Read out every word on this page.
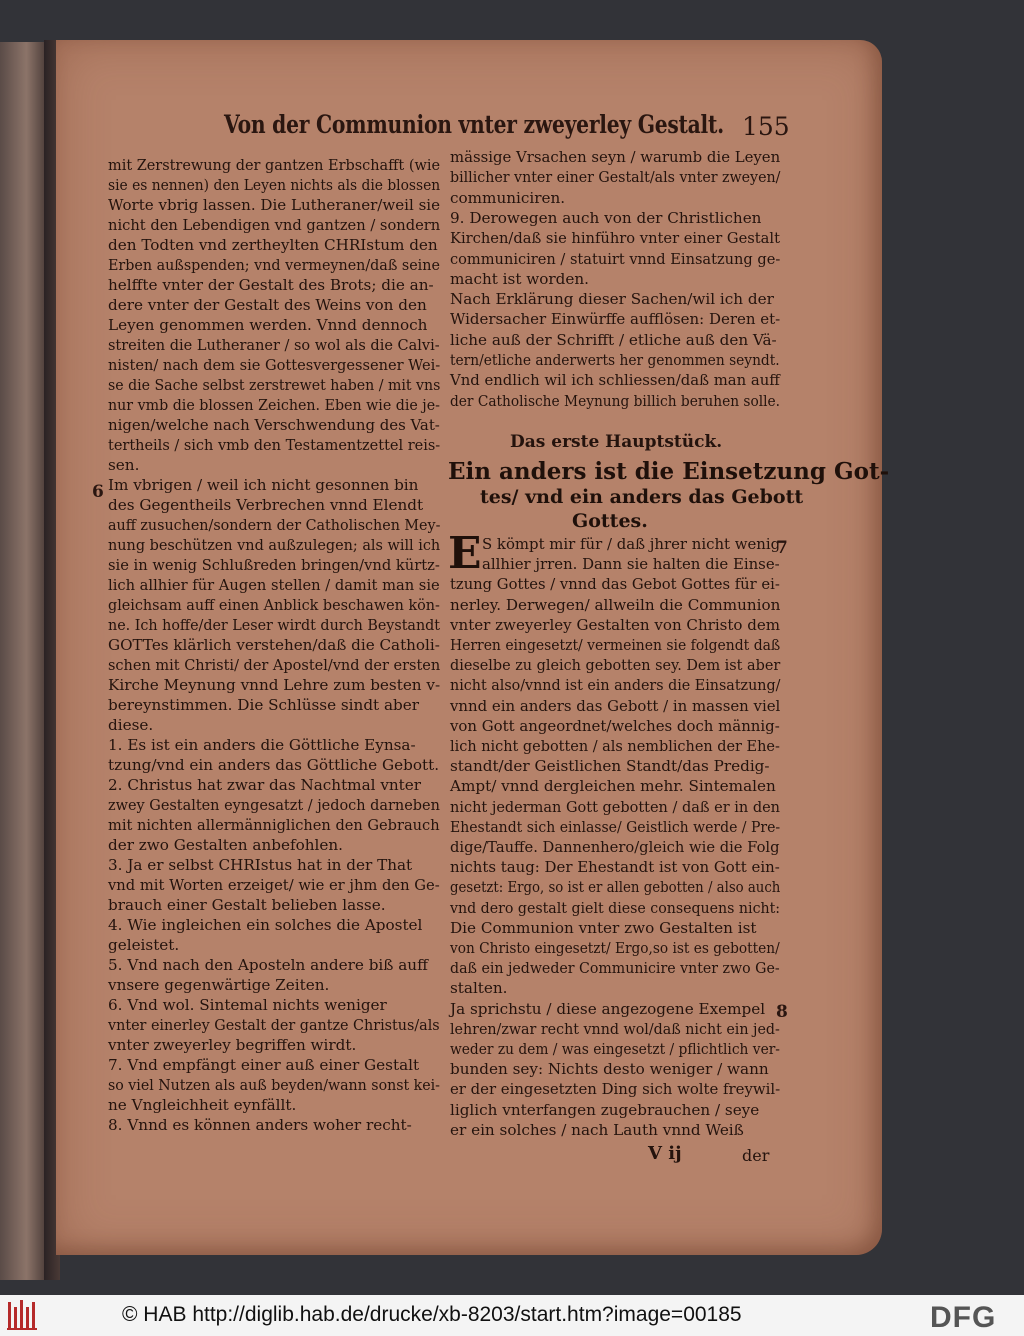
Von der Communion vnter zweyerley Gestalt. 155
mit Zerstrewung der gantzen Erbschafft (wie
sie es nennen) den Leyen nichts als die blossen
Worte vbrig lassen. Die Lutheraner/weil sie
nicht den Lebendigen vnd gantzen / sondern
den Todten vnd zertheylten CHRIstum den
Erben außspenden; vnd vermeynen/daß seine
helffte vnter der Gestalt des Brots; die an-
dere vnter der Gestalt des Weins von den
Leyen genommen werden. Vnnd dennoch
streiten die Lutheraner / so wol als die Calvi-
nisten/ nach dem sie Gottesvergessener Wei-
se die Sache selbst zerstrewet haben / mit vns
nur vmb die blossen Zeichen. Eben wie die je-
nigen/welche nach Verschwendung des Vat-
tertheils / sich vmb den Testamentzettel reis-
sen.
Im vbrigen / weil ich nicht gesonnen bin
des Gegentheils Verbrechen vnnd Elendt
auff zusuchen/sondern der Catholischen Mey-
nung beschützen vnd außzulegen; als will ich
sie in wenig Schlußreden bringen/vnd kürtz-
lich allhier für Augen stellen / damit man sie
gleichsam auff einen Anblick beschawen kön-
ne. Ich hoffe/der Leser wirdt durch Beystandt
GOTTes klärlich verstehen/daß die Catholi-
schen mit Christi/ der Apostel/vnd der ersten
Kirche Meynung vnnd Lehre zum besten v-
bereynstimmen. Die Schlüsse sindt aber
diese.
1. Es ist ein anders die Göttliche Eynsa-
tzung/vnd ein anders das Göttliche Gebott.
2. Christus hat zwar das Nachtmal vnter
zwey Gestalten eyngesatzt / jedoch darneben
mit nichten allermänniglichen den Gebrauch
der zwo Gestalten anbefohlen.
3. Ja er selbst CHRIstus hat in der That
vnd mit Worten erzeiget/ wie er jhm den Ge-
brauch einer Gestalt belieben lasse.
4. Wie ingleichen ein solches die Apostel
geleistet.
5. Vnd nach den Aposteln andere biß auff
vnsere gegenwärtige Zeiten.
6. Vnd wol. Sintemal nichts weniger
vnter einerley Gestalt der gantze Christus/als
vnter zweyerley begriffen wirdt.
7. Vnd empfängt einer auß einer Gestalt
so viel Nutzen als auß beyden/wann sonst kei-
ne Vngleichheit eynfällt.
8. Vnnd es können anders woher recht-
mässige Vrsachen seyn / warumb die Leyen
billicher vnter einer Gestalt/als vnter zweyen/
communiciren.
9. Derowegen auch von der Christlichen
Kirchen/daß sie hinführo vnter einer Gestalt
communiciren / statuirt vnnd Einsatzung ge-
macht ist worden.
Nach Erklärung dieser Sachen/wil ich der
Widersacher Einwürffe aufflösen: Deren et-
liche auß der Schrifft / etliche auß den Vä-
tern/etliche anderwerts her genommen seyndt.
Vnd endlich wil ich schliessen/daß man auff
der Catholische Meynung billich beruhen solle.
Das erste Hauptstück.
Ein anders ist die Einsetzung Got-
tes/ vnd ein anders das Gebott
Gottes.
E S kömpt mir für / daß jhrer nicht wenig
allhier jrren. Dann sie halten die Einse-
tzung Gottes / vnnd das Gebot Gottes für ei-
nerley. Derwegen/ allweiln die Communion
vnter zweyerley Gestalten von Christo dem
Herren eingesetzt/ vermeinen sie folgendt daß
dieselbe zu gleich gebotten sey. Dem ist aber
nicht also/vnnd ist ein anders die Einsatzung/
vnnd ein anders das Gebott / in massen viel
von Gott angeordnet/welches doch männig-
lich nicht gebotten / als nemblichen der Ehe-
standt/der Geistlichen Standt/das Predig-
Ampt/ vnnd dergleichen mehr. Sintemalen
nicht jederman Gott gebotten / daß er in den
Ehestandt sich einlasse/ Geistlich werde / Pre-
dige/Tauffe. Dannenhero/gleich wie die Folg
nichts taug: Der Ehestandt ist von Gott ein-
gesetzt: Ergo, so ist er allen gebotten / also auch
vnd dero gestalt gielt diese consequens nicht:
Die Communion vnter zwo Gestalten ist
von Christo eingesetzt/ Ergo,so ist es gebotten/
daß ein jedweder Communicire vnter zwo Ge-
stalten.
Ja sprichstu / diese angezogene Exempel
lehren/zwar recht vnnd wol/daß nicht ein jed-
weder zu dem / was eingesetzt / pflichtlich ver-
bunden sey: Nichts desto weniger / wann
er der eingesetzten Ding sich wolte freywil-
liglich vnterfangen zugebrauchen / seye
er ein solches / nach Lauth vnnd Weiß
6
7
8
V ij	der
© HAB http://diglib.hab.de/drucke/xb-8203/start.htm?image=00185	DFG
